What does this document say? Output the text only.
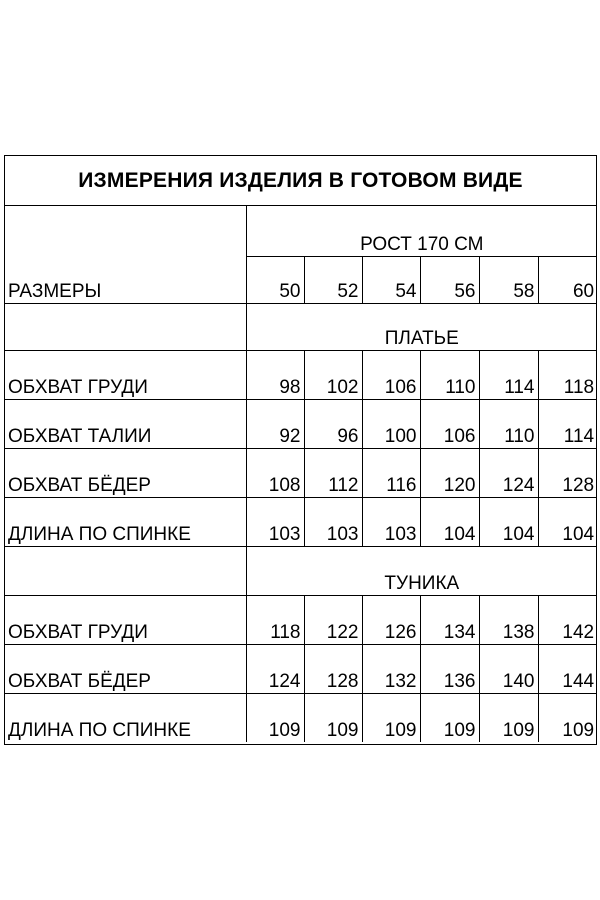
ИЗМЕРЕНИЯ ИЗДЕЛИЯ В ГОТОВОМ ВИДЕ
РАЗМЕРЫ	РОСТ 170 СМ					
	50	52	54	56	58	60
	ПЛАТЬЕ					
ОБХВАТ ГРУДИ	98	102	106	110	114	118
ОБХВАТ ТАЛИИ	92	96	100	106	110	114
ОБХВАТ БЁДЕР	108	112	116	120	124	128
ДЛИНА ПО СПИНКЕ	103	103	103	104	104	104
	ТУНИКА					
ОБХВАТ ГРУДИ	118	122	126	134	138	142
ОБХВАТ БЁДЕР	124	128	132	136	140	144
ДЛИНА ПО СПИНКЕ	109	109	109	109	109	109
